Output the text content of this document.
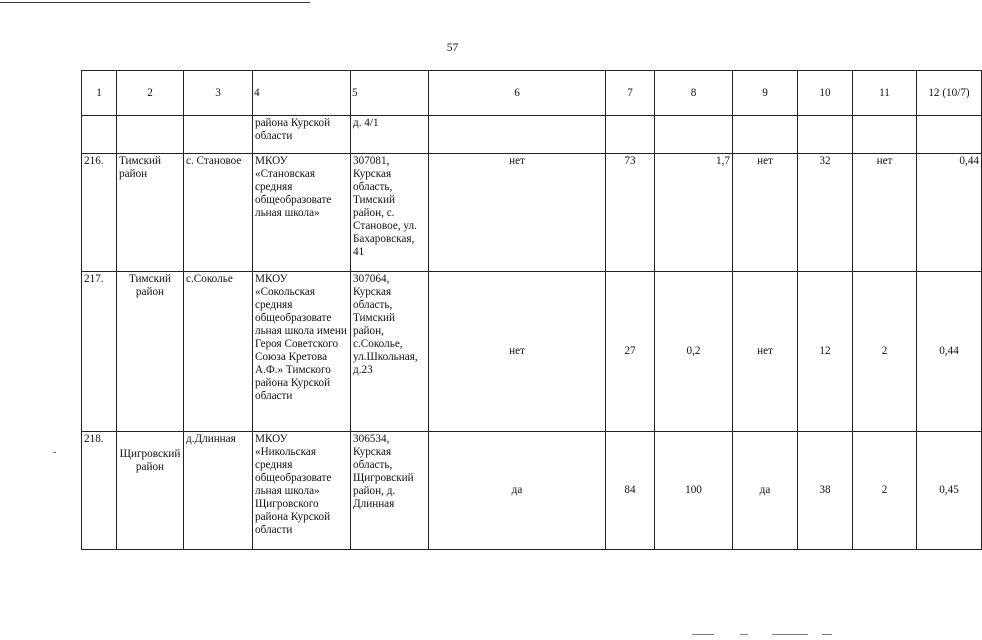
57
1	2	3	4	5	6	7	8	9	10	11	12 (10/7)
			района Курской области	д. 4/1							
216.	Тимский район	с. Становое	МКОУ «Становская средняя общеобразовате льная школа»	307081, Курская область, Тимский район, с. Становое, ул. Бахаровская, 41	нет	73	1,7	нет	32	нет	0,44
217.	Тимский район	с.Сокольe	МКОУ «Сокольская средняя общеобразовате льная школа имени Героя Советского Союза Кретова А.Ф.» Тимского района Курской области	307064, Курская область, Тимский район, с.Сокольe, ул.Школьная, д.23	нет	27	0,2	нет	12	2	0,44
218.	Щигровский район	д.Длинная	МКОУ «Никольская средняя общеобразовате льная школа» Щигровского района Курской области	306534, Курская область, Щигровский район, д. Длинная	да	84	100	да	38	2	0,45
